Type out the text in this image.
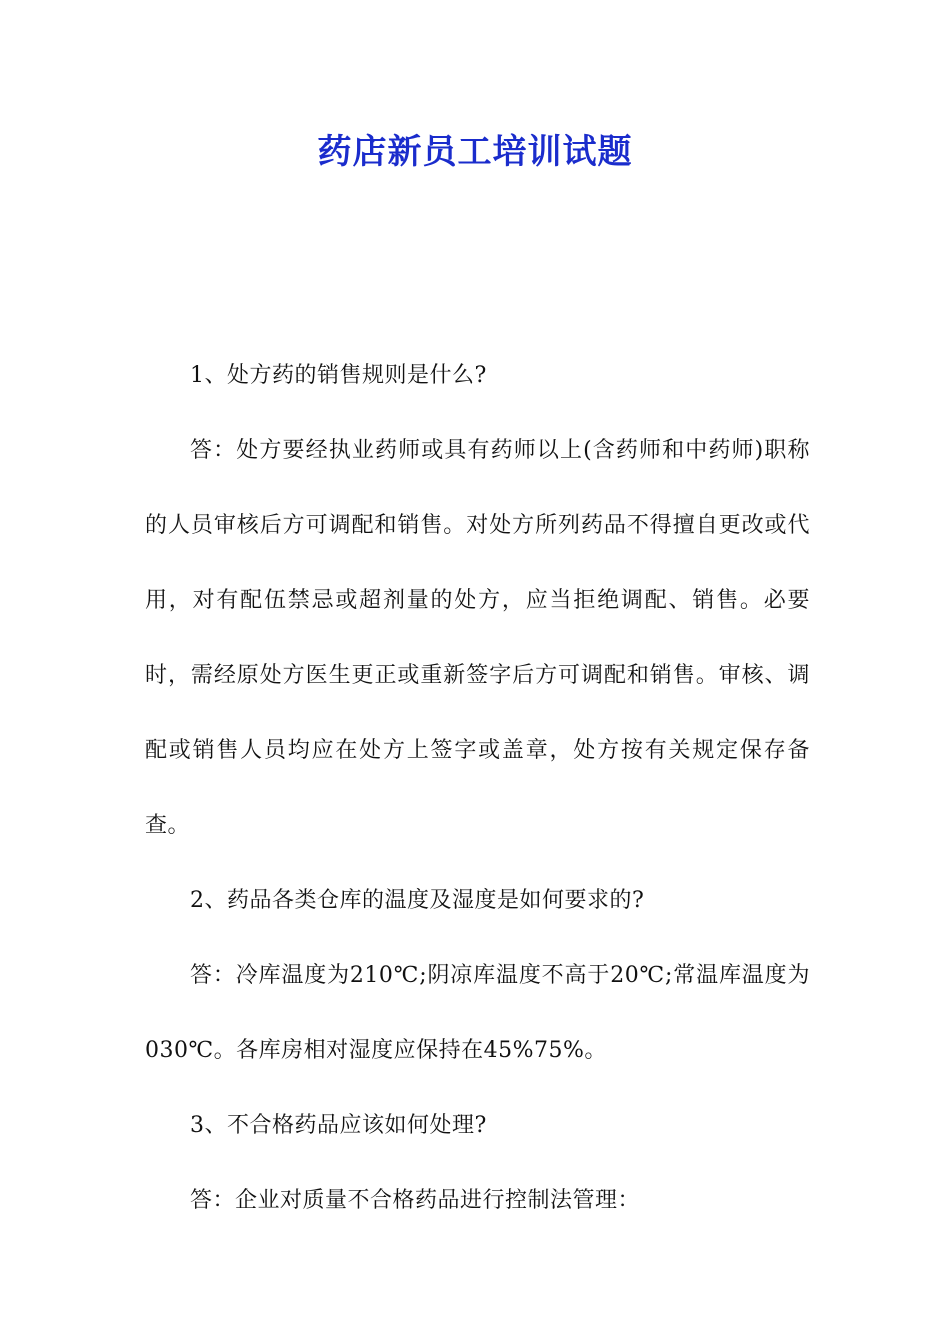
药店新员工培训试题

1、处方药的销售规则是什么?

答：处方要经执业药师或具有药师以上(含药师和中药师)职称的人员审核后方可调配和销售。对处方所列药品不得擅自更改或代用，对有配伍禁忌或超剂量的处方，应当拒绝调配、销售。必要时，需经原处方医生更正或重新签字后方可调配和销售。审核、调配或销售人员均应在处方上签字或盖章，处方按有关规定保存备查。

2、药品各类仓库的温度及湿度是如何要求的?

答：冷库温度为210℃;阴凉库温度不高于20℃;常温库温度为030℃。各库房相对湿度应保持在45%75%。

3、不合格药品应该如何处理?

答：企业对质量不合格药品进行控制法管理：
